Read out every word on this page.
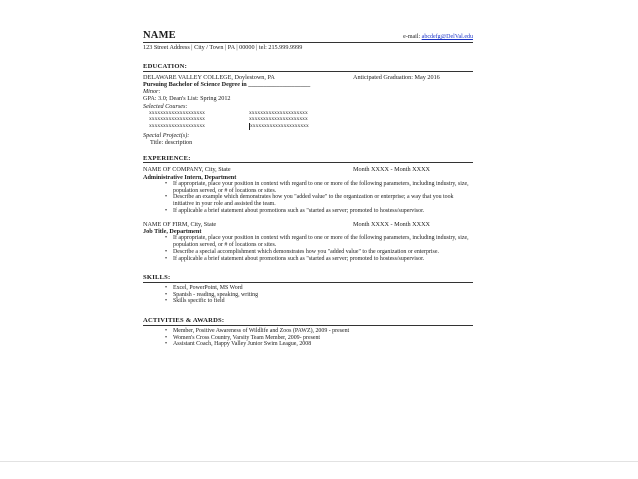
NAME	e-mail: abcdefg@DelVal.edu
123 Street Address | City / Town | PA | 00000 | tel: 215.999.9999
EDUCATION:
DELAWARE VALLEY COLLEGE, Doylestown, PA	Anticipated Graduation: May 2016
Pursuing Bachelor of Science Degree in ____________________
Minor:
GPA: 3.0; Dean's List: Spring 2012
Selected Courses:
xxxxxxxxxxxxxxxxxxxx	xxxxxxxxxxxxxxxxxxxxx
xxxxxxxxxxxxxxxxxxxx	xxxxxxxxxxxxxxxxxxxxx
xxxxxxxxxxxxxxxxxxxx	xxxxxxxxxxxxxxxxxxxxx
Special Project(s):
Title: description
EXPERIENCE:
NAME OF COMPANY, City, State	Month XXXX - Month XXXX
Administrative Intern, Department
• If appropriate, place your position in context with regard to one or more of the following parameters, including industry, size, population served, or # of locations or sites.
• Describe an example which demonstrates how you "added value" to the organization or enterprise; a way that you took initiative in your role and assisted the team.
• If applicable a brief statement about promotions such as "started as server; promoted to hostess/supervisor.
NAME OF FIRM, City, State	Month XXXX - Month XXXX
Job Title, Department
• If appropriate, place your position in context with regard to one or more of the following parameters, including industry, size, population served, or # of locations or sites.
• Describe a special accomplishment which demonstrates how you "added value" to the organization or enterprise.
• If applicable a brief statement about promotions such as "started as server; promoted to hostess/supervisor.
SKILLS:
• Excel, PowerPoint, MS Word
• Spanish - reading, speaking, writing
• Skills specific to field
ACTIVITIES & AWARDS:
• Member, Positive Awareness of Wildlife and Zoos (PAWZ), 2009 - present
• Women's Cross Country, Varsity Team Member, 2009- present
• Assistant Coach, Happy Valley Junior Swim League, 2008
